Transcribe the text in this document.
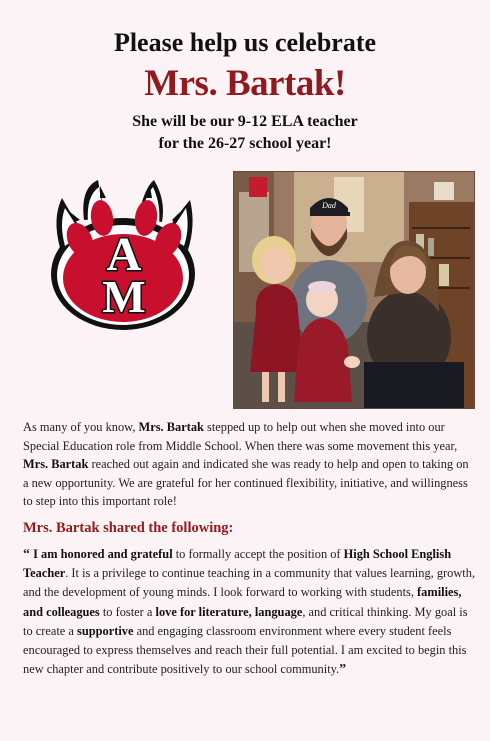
Please help us celebrate
Mrs. Bartak!
She will be our 9-12 ELA teacher
for the 26-27 school year!
A
M
Dad
As many of you know, Mrs. Bartak stepped up to help out when she moved into our Special Education role from Middle School. When there was some movement this year, Mrs. Bartak reached out again and indicated she was ready to help and open to taking on a new opportunity. We are grateful for her continued flexibility, initiative, and willingness to step into this important role!
Mrs. Bartak shared the following:
“ I am honored and grateful to formally accept the position of High School English Teacher. It is a privilege to continue teaching in a community that values learning, growth, and the development of young minds. I look forward to working with students, families, and colleagues to foster a love for literature, language, and critical thinking. My goal is to create a supportive and engaging classroom environment where every student feels encouraged to express themselves and reach their full potential. I am excited to begin this new chapter and contribute positively to our school community.”
